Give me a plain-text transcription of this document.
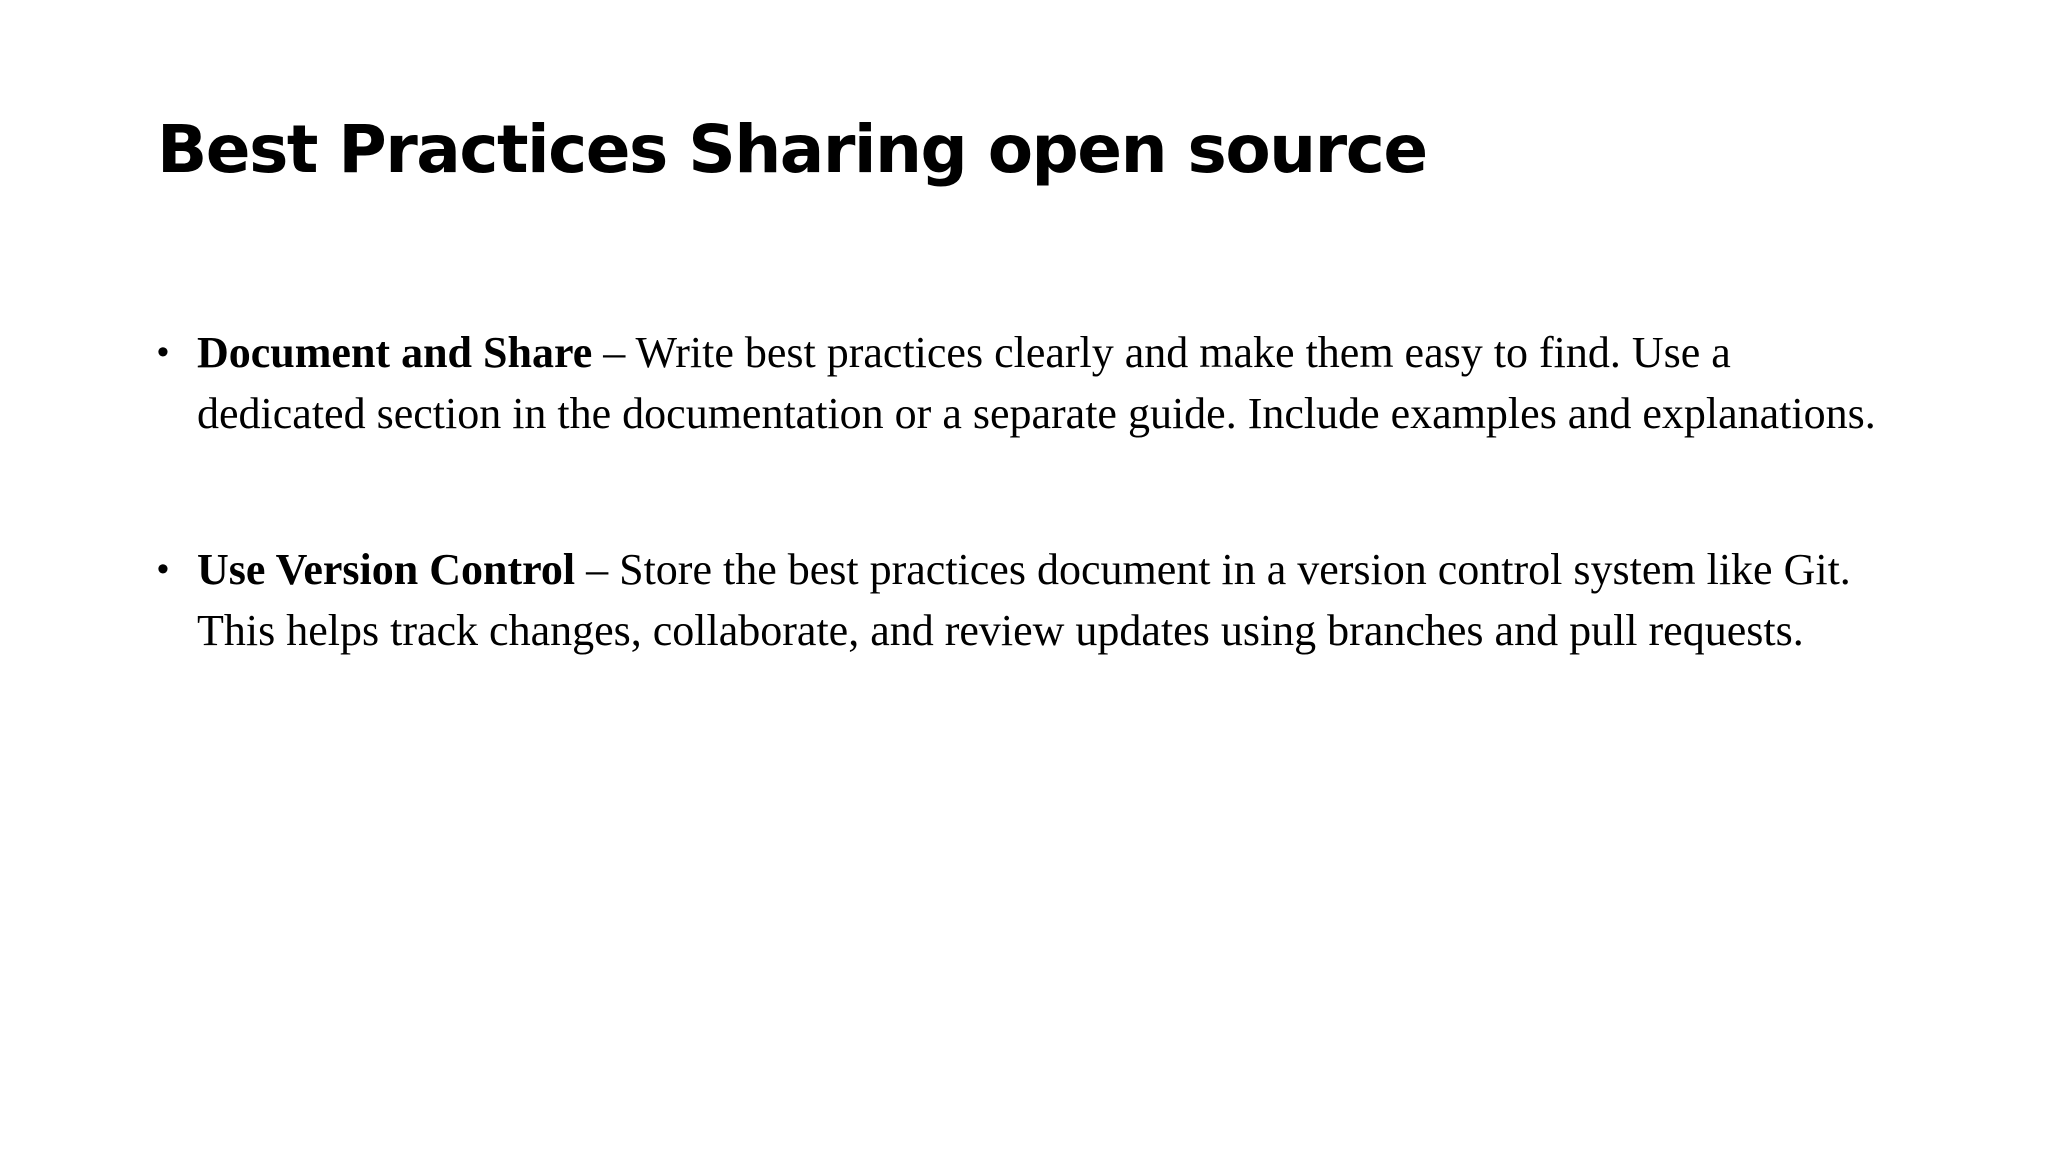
Best Practices Sharing open source
• Document and Share – Write best practices clearly and make them easy to find. Use a dedicated section in the documentation or a separate guide. Include examples and explanations.
• Use Version Control – Store the best practices document in a version control system like Git. This helps track changes, collaborate, and review updates using branches and pull requests.
